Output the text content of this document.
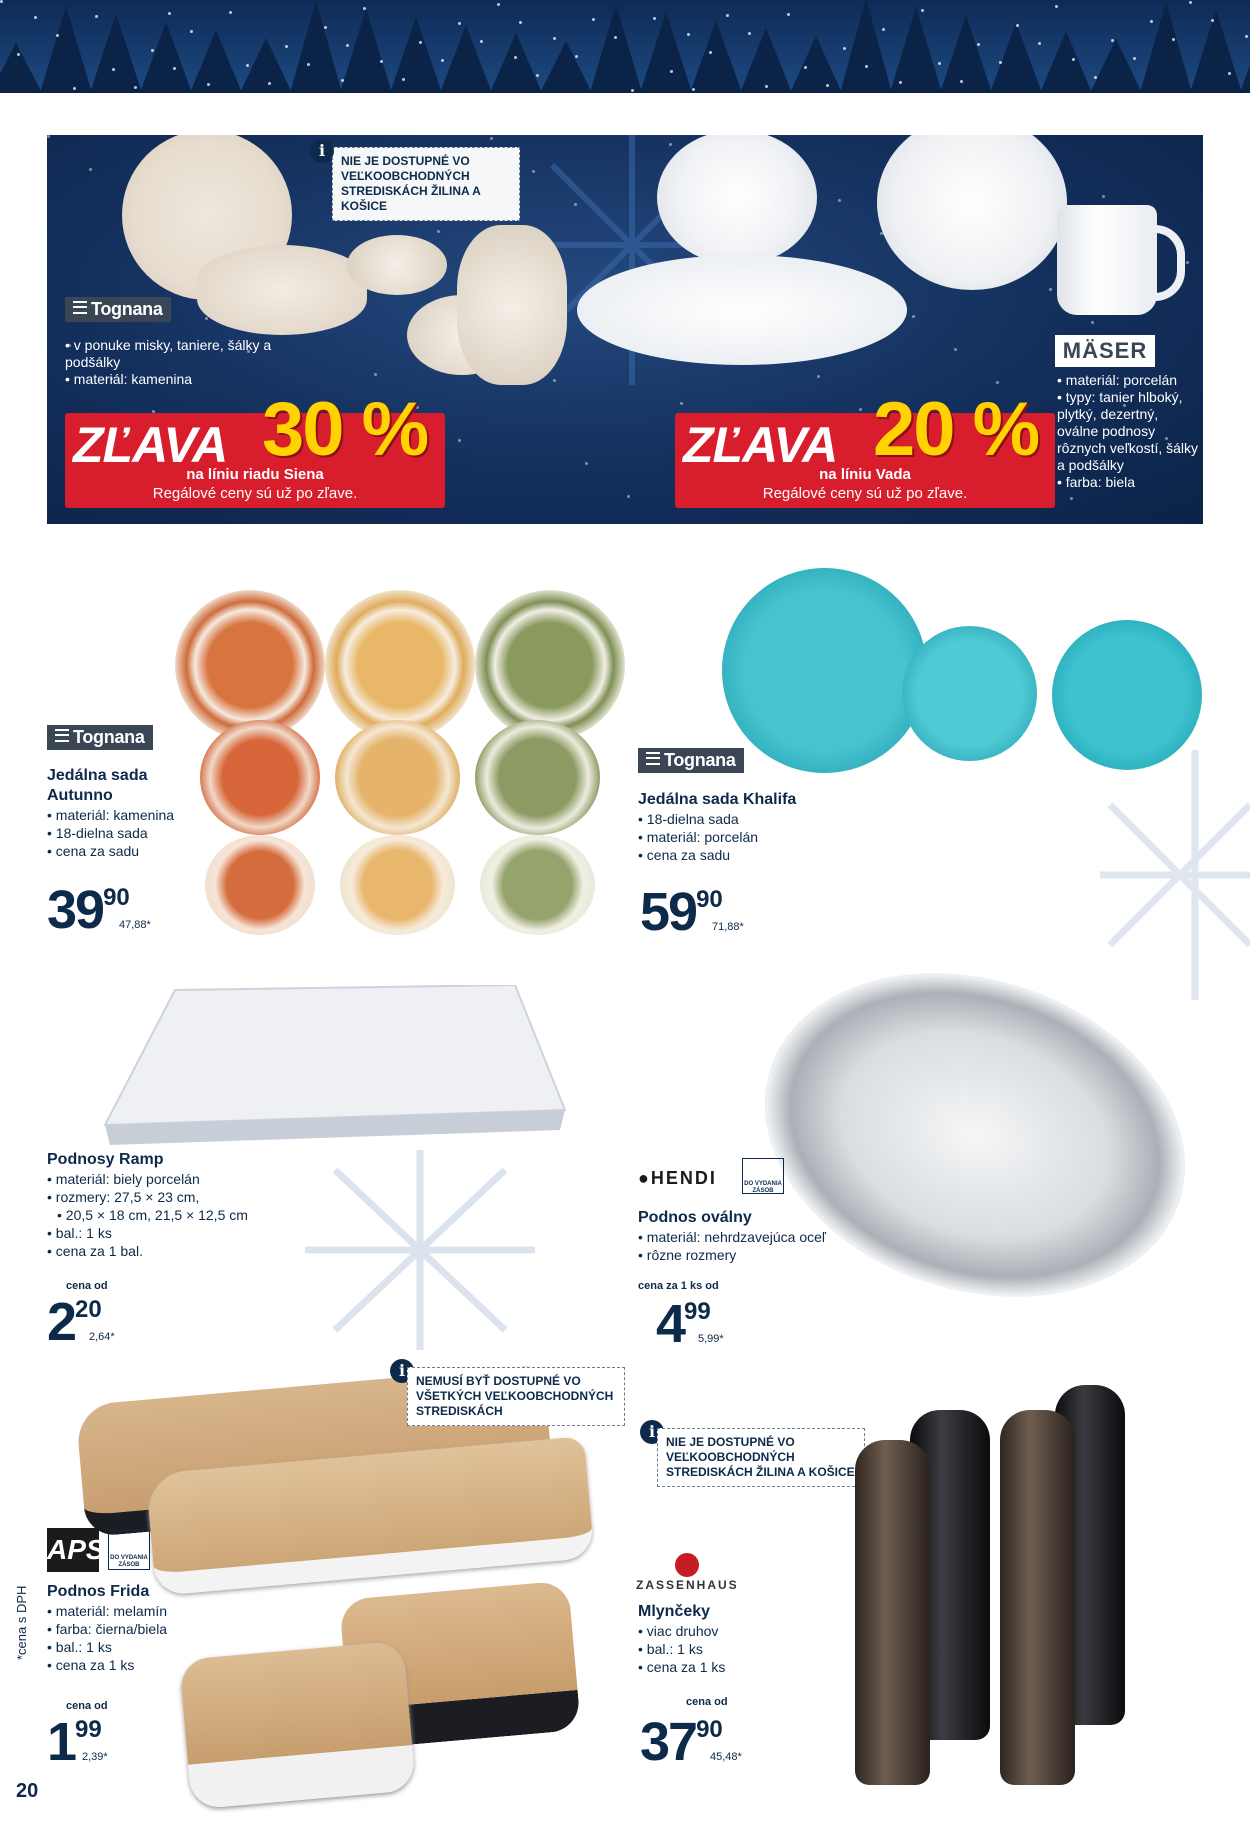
NIE JE DOSTUPNÉ VO
VEĽKOOBCHODNÝCH
STREDISKÁCH ŽILINA A KOŠICE
i
Tognana
• v ponuke misky, taniere, šálky a podšálky
• materiál: kamenina
ZĽAVA 30 %
na líniu riadu Siena
Regálové ceny sú už po zľave.
MÄSER
• materiál: porcelán
• typy: tanier hlboký, plytký, dezertný, oválne podnosy rôznych veľkostí, šálky a podšálky
• farba: biela
ZĽAVA 20 %
na líniu Vada
Regálové ceny sú už po zľave.
Tognana
Jedálna sada
Autunno
• materiál: kamenina
• 18-dielna sada
• cena za sadu
3990
47,88*
Tognana
Jedálna sada Khalifa
• 18-dielna sada
• materiál: porcelán
• cena za sadu
5990
71,88*
Podnosy Ramp
• materiál: biely porcelán
• rozmery: 27,5 × 23 cm,
• 20,5 × 18 cm, 21,5 × 12,5 cm
• bal.: 1 ks
• cena za 1 bal.
cena od
220
2,64*
●HENDI	DO VYDANIA ZÁSOB
Podnos oválny
• materiál: nehrdzavejúca oceľ
• rôzne rozmery
cena za 1 ks od
499
5,99*
i
NEMUSÍ BYŤ DOSTUPNÉ VO
VŠETKÝCH VEĽKOOBCHODNÝCH
STREDISKÁCH
APS DO VYDANIA ZÁSOB
Podnos Frida
• materiál: melamín
• farba: čierna/biela
• bal.: 1 ks
• cena za 1 ks
cena od
199
2,39*
i
NIE JE DOSTUPNÉ VO
VEĽKOOBCHODNÝCH
STREDISKÁCH ŽILINA A KOŠICE
ZASSENHAUS
Mlynčeky
• viac druhov
• bal.: 1 ks
• cena za 1 ks
cena od
3790
45,48*
*cena s DPH
20
